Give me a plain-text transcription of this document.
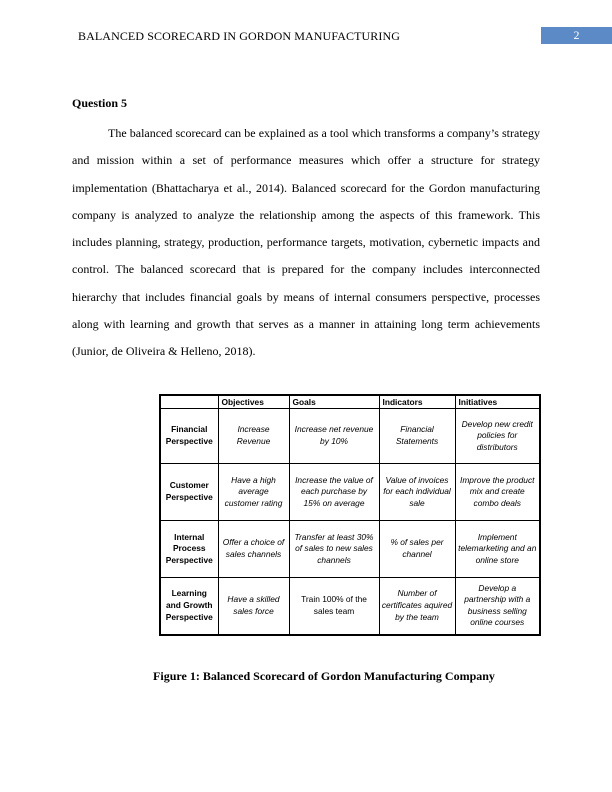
BALANCED SCORECARD IN GORDON MANUFACTURING	2
Question 5

The balanced scorecard can be explained as a tool which transforms a company’s strategy and mission within a set of performance measures which offer a structure for strategy implementation (Bhattacharya et al., 2014). Balanced scorecard for the Gordon manufacturing company is analyzed to analyze the relationship among the aspects of this framework. This includes planning, strategy, production, performance targets, motivation, cybernetic impacts and control. The balanced scorecard that is prepared for the company includes interconnected hierarchy that includes financial goals by means of internal consumers perspective, processes along with learning and growth that serves as a manner in attaining long term achievements (Junior, de Oliveira & Helleno, 2018).

	Objectives	Goals	Indicators	Initiatives
Financial Perspective	Increase Revenue	Increase net revenue by 10%	Financial Statements	Develop new credit policies for distributors
Customer Perspective	Have a high average customer rating	Increase the value of each purchase by 15% on average	Value of invoices for each individual sale	Improve the product mix and create combo deals
Internal Process Perspective	Offer a choice of sales channels	Transfer at least 30% of sales to new sales channels	% of sales per channel	Implement telemarketing and an online store
Learning and Growth Perspective	Have a skilled sales force	Train 100% of the sales team	Number of certificates aquired by the team	Develop a partnership with a business selling online courses
Figure 1: Balanced Scorecard of Gordon Manufacturing Company
